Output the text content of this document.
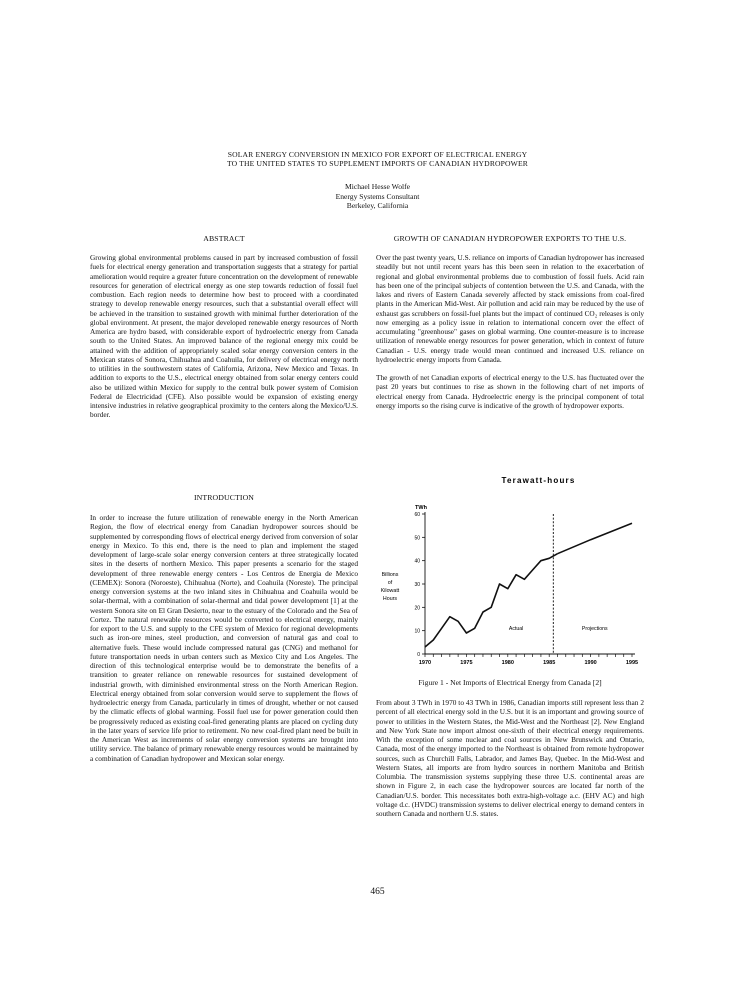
SOLAR ENERGY CONVERSION IN MEXICO FOR EXPORT OF ELECTRICAL ENERGY
TO THE UNITED STATES TO SUPPLEMENT IMPORTS OF CANADIAN HYDROPOWER
Michael Hesse Wolfe
Energy Systems Consultant
Berkeley, California
ABSTRACT
Growing global environmental problems caused in part by increased combustion of fossil fuels for electrical energy generation and transportation suggests that a strategy for partial amelioration would require a greater future concentration on the development of renewable resources for generation of electrical energy as one step towards reduction of fossil fuel combustion. Each region needs to determine how best to proceed with a coordinated strategy to develop renewable energy resources, such that a substantial overall effect will be achieved in the transition to sustained growth with minimal further deterioration of the global environment. At present, the major developed renewable energy resources of North America are hydro based, with considerable export of hydroelectric energy from Canada south to the United States. An improved balance of the regional energy mix could be attained with the addition of appropriately scaled solar energy conversion centers in the Mexican states of Sonora, Chihuahua and Coahuila, for delivery of electrical energy north to utilities in the southwestern states of California, Arizona, New Mexico and Texas. In addition to exports to the U.S., electrical energy obtained from solar energy centers could also be utilized within Mexico for supply to the central bulk power system of Comision Federal de Electricidad (CFE). Also possible would be expansion of existing energy intensive industries in relative geographical proximity to the centers along the Mexico/U.S. border.
INTRODUCTION
In order to increase the future utilization of renewable energy in the North American Region, the flow of electrical energy from Canadian hydropower sources should be supplemented by corresponding flows of electrical energy derived from conversion of solar energy in Mexico. To this end, there is the need to plan and implement the staged development of large-scale solar energy conversion centers at three strategically located sites in the deserts of northern Mexico. This paper presents a scenario for the staged development of three renewable energy centers - Los Centros de Energia de Mexico (CEMEX): Sonora (Noroeste), Chihuahua (Norte), and Coahuila (Noreste). The principal energy conversion systems at the two inland sites in Chihuahua and Coahuila would be solar-thermal, with a combination of solar-thermal and tidal power development [1] at the western Sonora site on El Gran Desierto, near to the estuary of the Colorado and the Sea of Cortez. The natural renewable resources would be converted to electrical energy, mainly for export to the U.S. and supply to the CFE system of Mexico for regional developments such as iron-ore mines, steel production, and conversion of natural gas and coal to alternative fuels. These would include compressed natural gas (CNG) and methanol for future transportation needs in urban centers such as Mexico City and Los Angeles. The direction of this technological enterprise would be to demonstrate the benefits of a transition to greater reliance on renewable resources for sustained development of industrial growth, with diminished environmental stress on the North American Region. Electrical energy obtained from solar conversion would serve to supplement the flows of hydroelectric energy from Canada, particularly in times of drought, whether or not caused by the climatic effects of global warming. Fossil fuel use for power generation could then be progressively reduced as existing coal-fired generating plants are placed on cycling duty in the later years of service life prior to retirement. No new coal-fired plant need be built in the American West as increments of solar energy conversion systems are brought into utility service. The balance of primary renewable energy resources would be maintained by a combination of Canadian hydropower and Mexican solar energy.
GROWTH OF CANADIAN HYDROPOWER EXPORTS TO THE U.S.
Over the past twenty years, U.S. reliance on imports of Canadian hydropower has increased steadily but not until recent years has this been seen in relation to the exacerbation of regional and global environmental problems due to combustion of fossil fuels. Acid rain has been one of the principal subjects of contention between the U.S. and Canada, with the lakes and rivers of Eastern Canada severely affected by stack emissions from coal-fired plants in the American Mid-West. Air pollution and acid rain may be reduced by the use of exhaust gas scrubbers on fossil-fuel plants but the impact of continued CO₂ releases is only now emerging as a policy issue in relation to international concern over the effect of accumulating "greenhouse" gases on global warming. One counter-measure is to increase utilization of renewable energy resources for power generation, which in context of future Canadian - U.S. energy trade would mean continued and increased U.S. reliance on hydroelectric energy imports from Canada.
The growth of net Canadian exports of electrical energy to the U.S. has fluctuated over the past 20 years but continues to rise as shown in the following chart of net imports of electrical energy from Canada. Hydroelectric energy is the principal component of total energy imports so the rising curve is indicative of the growth of hydropower exports.
Terawatt-hours
TWh
Billions
of
Kilowatt
Hours
0
10
20
30
40
50
60
1970	1975	1980	1985	1990	1995
Actual	Projections
Figure 1 - Net Imports of Electrical Energy from Canada [2]
From about 3 TWh in 1970 to 43 TWh in 1986, Canadian imports still represent less than 2 percent of all electrical energy sold in the U.S. but it is an important and growing source of power to utilities in the Western States, the Mid-West and the Northeast [2]. New England and New York State now import almost one-sixth of their electrical energy requirements. With the exception of some nuclear and coal sources in New Brunswick and Ontario, Canada, most of the energy imported to the Northeast is obtained from remote hydropower sources, such as Churchill Falls, Labrador, and James Bay, Quebec. In the Mid-West and Western States, all imports are from hydro sources in northern Manitoba and British Columbia. The transmission systems supplying these three U.S. continental areas are shown in Figure 2, in each case the hydropower sources are located far north of the Canadian/U.S. border. This necessitates both extra-high-voltage a.c. (EHV AC) and high voltage d.c. (HVDC) transmission systems to deliver electrical energy to demand centers in southern Canada and northern U.S. states.
465
